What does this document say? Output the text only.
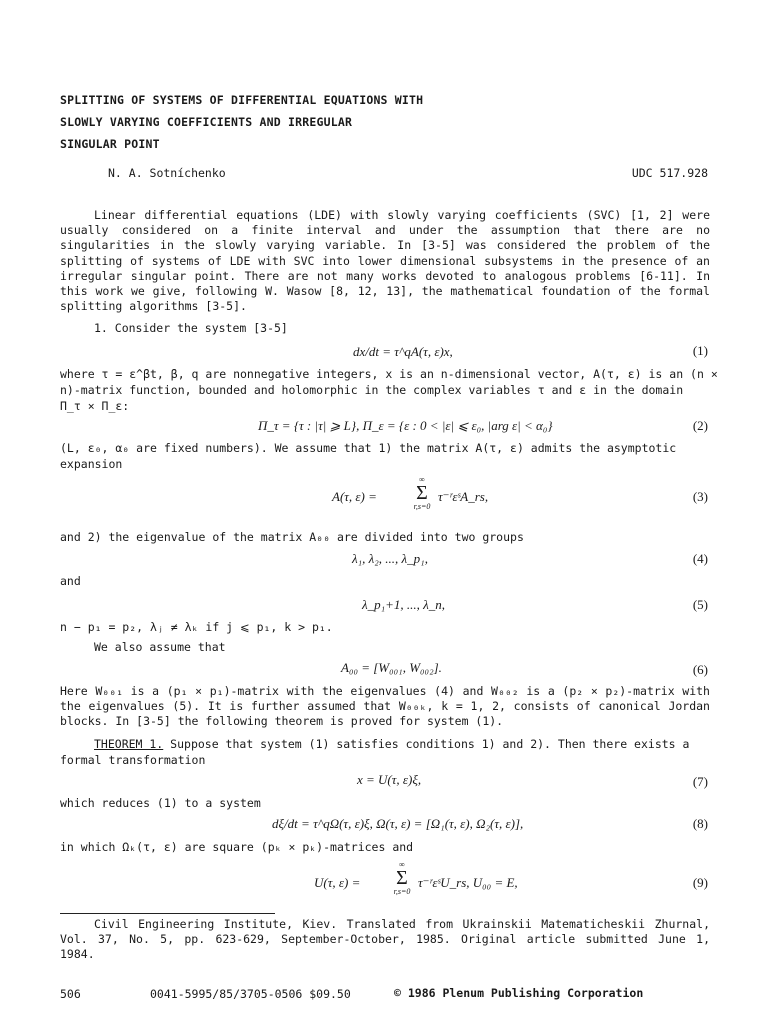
SPLITTING OF SYSTEMS OF DIFFERENTIAL EQUATIONS WITH
SLOWLY VARYING COEFFICIENTS AND IRREGULAR
SINGULAR POINT
N. A. Sotníchenko	UDC 517.928
Linear differential equations (LDE) with slowly varying coefficients (SVC) [1, 2] were usually considered on a finite interval and under the assumption that there are no singularities in the slowly varying variable. In [3-5] was considered the problem of the splitting of systems of LDE with SVC into lower dimensional subsystems in the presence of an irregular singular point. There are not many works devoted to analogous problems [6-11]. In this work we give, following W. Wasow [8, 12, 13], the mathematical foundation of the formal splitting algorithms [3-5].
1. Consider the system [3-5]
dx/dt = τ^qA(τ, ε)x,	(1)
where τ = ε^βt, β, q are nonnegative integers, x is an n-dimensional vector, A(τ, ε) is an (n ×
n)-matrix function, bounded and holomorphic in the complex variables τ and ε in the domain
Π_τ × Π_ε:
Π_τ = {τ : |τ| ⩾ L}, Π_ε = {ε : 0 < |ε| ⩽ ε₀, |arg ε| < α₀}	(2)
(L, ε₀, α₀ are fixed numbers). We assume that 1) the matrix A(τ, ε) admits the asymptotic
expansion
A(τ, ε) =
∞
Σ
r,s=0
τ⁻ʳεˢA_rs,	(3)
and 2) the eigenvalue of the matrix A₀₀ are divided into two groups
λ₁, λ₂, ..., λ_p₁,	(4)
and
λ_p₁+1, ..., λ_n,	(5)
n − p₁ = p₂, λⱼ ≠ λₖ if j ⩽ p₁, k > p₁.
We also assume that
A₀₀ = [W₀₀₁, W₀₀₂].	(6)
Here W₀₀₁ is a (p₁ × p₁)-matrix with the eigenvalues (4) and W₀₀₂ is a (p₂ × p₂)-matrix with the eigenvalues (5). It is further assumed that W₀₀ₖ, k = 1, 2, consists of canonical Jordan blocks. In [3-5] the following theorem is proved for system (1).
THEOREM 1. Suppose that system (1) satisfies conditions 1) and 2). Then there exists a
formal transformation
x = U(τ, ε)ξ,	(7)
which reduces (1) to a system
dξ/dt = τ^qΩ(τ, ε)ξ, Ω(τ, ε) = [Ω₁(τ, ε), Ω₂(τ, ε)],	(8)
in which Ωₖ(τ, ε) are square (pₖ × pₖ)-matrices and
U(τ, ε) =
∞
Σ
r,s=0
τ⁻ʳεˢU_rs, U₀₀ = E,	(9)
Civil Engineering Institute, Kiev. Translated from Ukrainskii Matematicheskii Zhurnal, Vol. 37, No. 5, pp. 623-629, September-October, 1985. Original article submitted June 1, 1984.
506	0041-5995/85/3705-0506 $09.50	© 1986 Plenum Publishing Corporation
